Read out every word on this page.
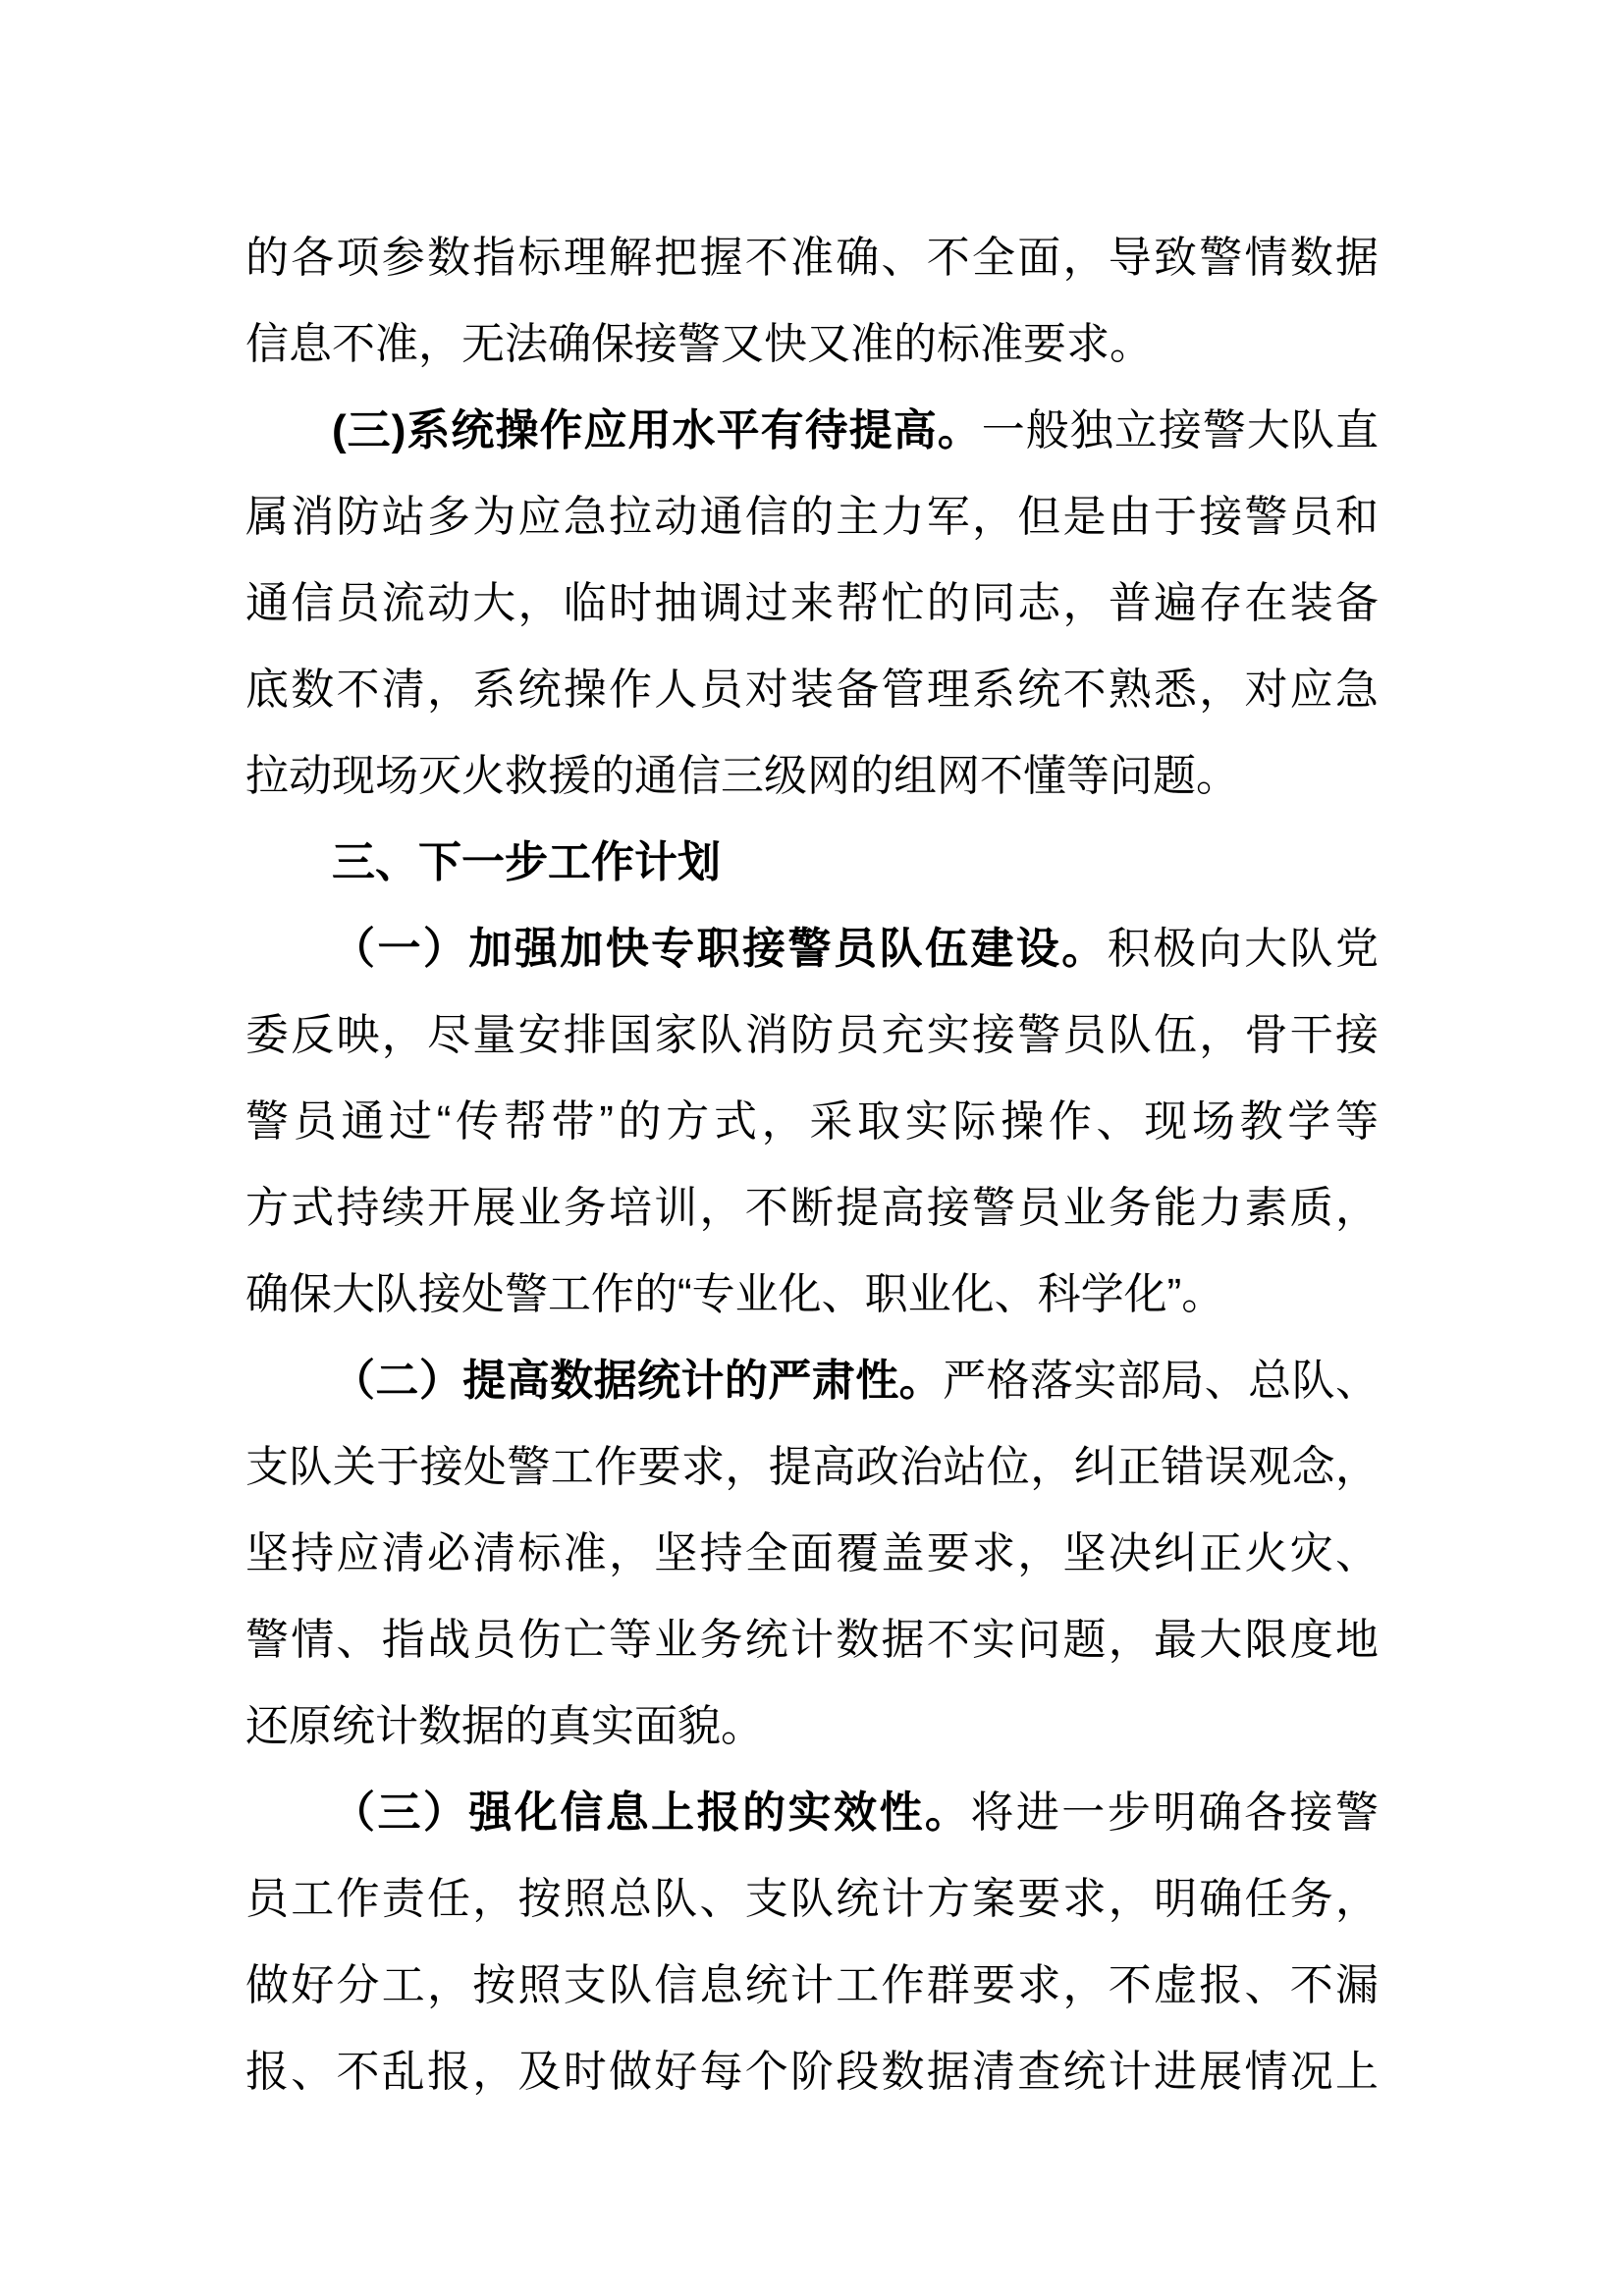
的各项参数指标理解把握不准确、不全面，导致警情数据
信息不准，无法确保接警又快又准的标准要求。
(三)系统操作应用水平有待提高。一般独立接警大队直
属消防站多为应急拉动通信的主力军，但是由于接警员和
通信员流动大，临时抽调过来帮忙的同志，普遍存在装备
底数不清，系统操作人员对装备管理系统不熟悉，对应急
拉动现场灭火救援的通信三级网的组网不懂等问题。
三、下一步工作计划
（一）加强加快专职接警员队伍建设。积极向大队党
委反映，尽量安排国家队消防员充实接警员队伍，骨干接
警员通过“传帮带”的方式，采取实际操作、现场教学等
方式持续开展业务培训，不断提高接警员业务能力素质，
确保大队接处警工作的“专业化、职业化、科学化”。
（二）提高数据统计的严肃性。严格落实部局、总队、
支队关于接处警工作要求，提高政治站位，纠正错误观念，
坚持应清必清标准，坚持全面覆盖要求，坚决纠正火灾、
警情、指战员伤亡等业务统计数据不实问题，最大限度地
还原统计数据的真实面貌。
（三）强化信息上报的实效性。将进一步明确各接警
员工作责任，按照总队、支队统计方案要求，明确任务，
做好分工，按照支队信息统计工作群要求，不虚报、不漏
报、不乱报，及时做好每个阶段数据清查统计进展情况上
